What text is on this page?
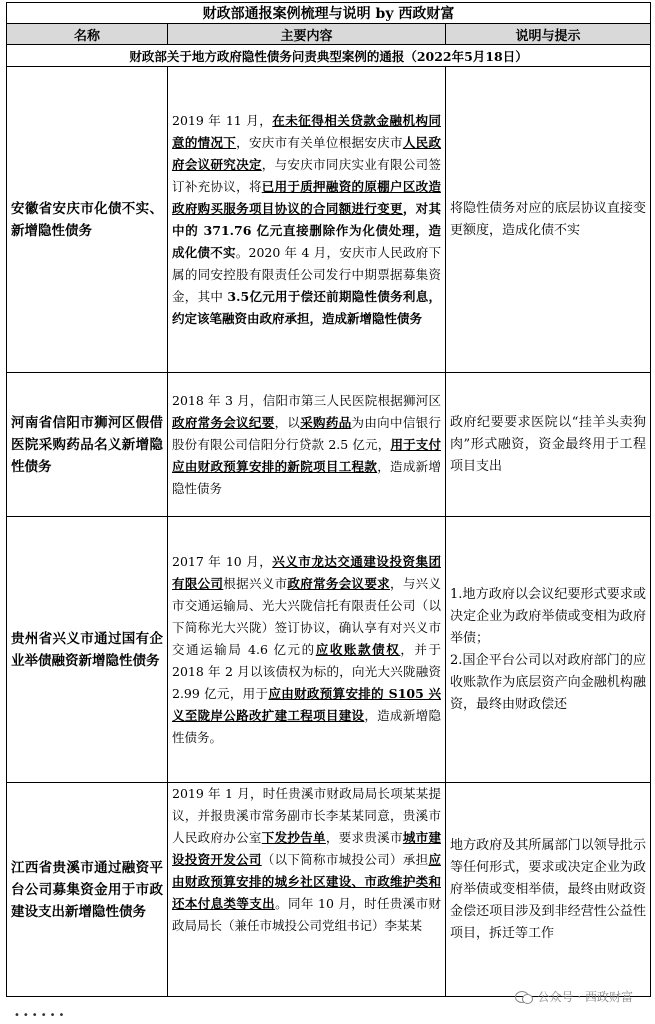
财政部通报案例梳理与说明 by 西政财富		
名称	主要内容	说明与提示
财政部关于地方政府隐性债务问责典型案例的通报（2022年5月18日）		
安徽省安庆市化债不实、新增隐性债务	2019 年 11 月，在未征得相关贷款金融机构同意的情况下，安庆市有关单位根据安庆市人民政府会议研究决定，与安庆市同庆实业有限公司签订补充协议，将已用于质押融资的原棚户区改造政府购买服务项目协议的合同额进行变更，对其中的 371.76 亿元直接删除作为化债处理，造成化债不实。2020 年 4 月，安庆市人民政府下属的同安控股有限责任公司发行中期票据募集资金，其中 3.5亿元用于偿还前期隐性债务利息，约定该笔融资由政府承担，造成新增隐性债务	将隐性债务对应的底层协议直接变更额度，造成化债不实
河南省信阳市狮河区假借医院采购药品名义新增隐性债务	2018 年 3 月，信阳市第三人民医院根据狮河区政府常务会议纪要，以采购药品为由向中信银行股份有限公司信阳分行贷款 2.5 亿元，用于支付应由财政预算安排的新院项目工程款，造成新增隐性债务	政府纪要要求医院以“挂羊头卖狗肉”形式融资，资金最终用于工程项目支出
贵州省兴义市通过国有企业举债融资新增隐性债务	2017 年 10 月，兴义市龙达交通建设投资集团有限公司根据兴义市政府常务会议要求，与兴义市交通运输局、光大兴陇信托有限责任公司（以下简称光大兴陇）签订协议，确认享有对兴义市交通运输局 4.6 亿元的应收账款债权，并于 2018 年 2 月以该债权为标的，向光大兴陇融资 2.99 亿元，用于应由财政预算安排的 S105 兴义至陇岸公路改扩建工程项目建设，造成新增隐性债务。	1.地方政府以会议纪要形式要求或决定企业为政府举债或变相为政府举债；
2.国企平台公司以对政府部门的应收账款作为底层资产向金融机构融资，最终由财政偿还

江西省贵溪市通过融资平台公司募集资金用于市政建设支出新增隐性债务	2019 年 1 月，时任贵溪市财政局局长项某某提议，并报贵溪市常务副市长李某某同意，贵溪市人民政府办公室下发抄告单，要求贵溪市城市建设投资开发公司（以下简称市城投公司）承担应由财政预算安排的城乡社区建设、市政维护类和还本付息类等支出。同年 10 月，时任贵溪市财政局局长（兼任市城投公司党组书记）李某某	地方政府及其所属部门以领导批示等任何形式，要求或决定企业为政府举债或变相举债，最终由财政资金偿还项目涉及到非经营性公益性项目，拆迁等工作
公众号 · 西政财富
••••••
